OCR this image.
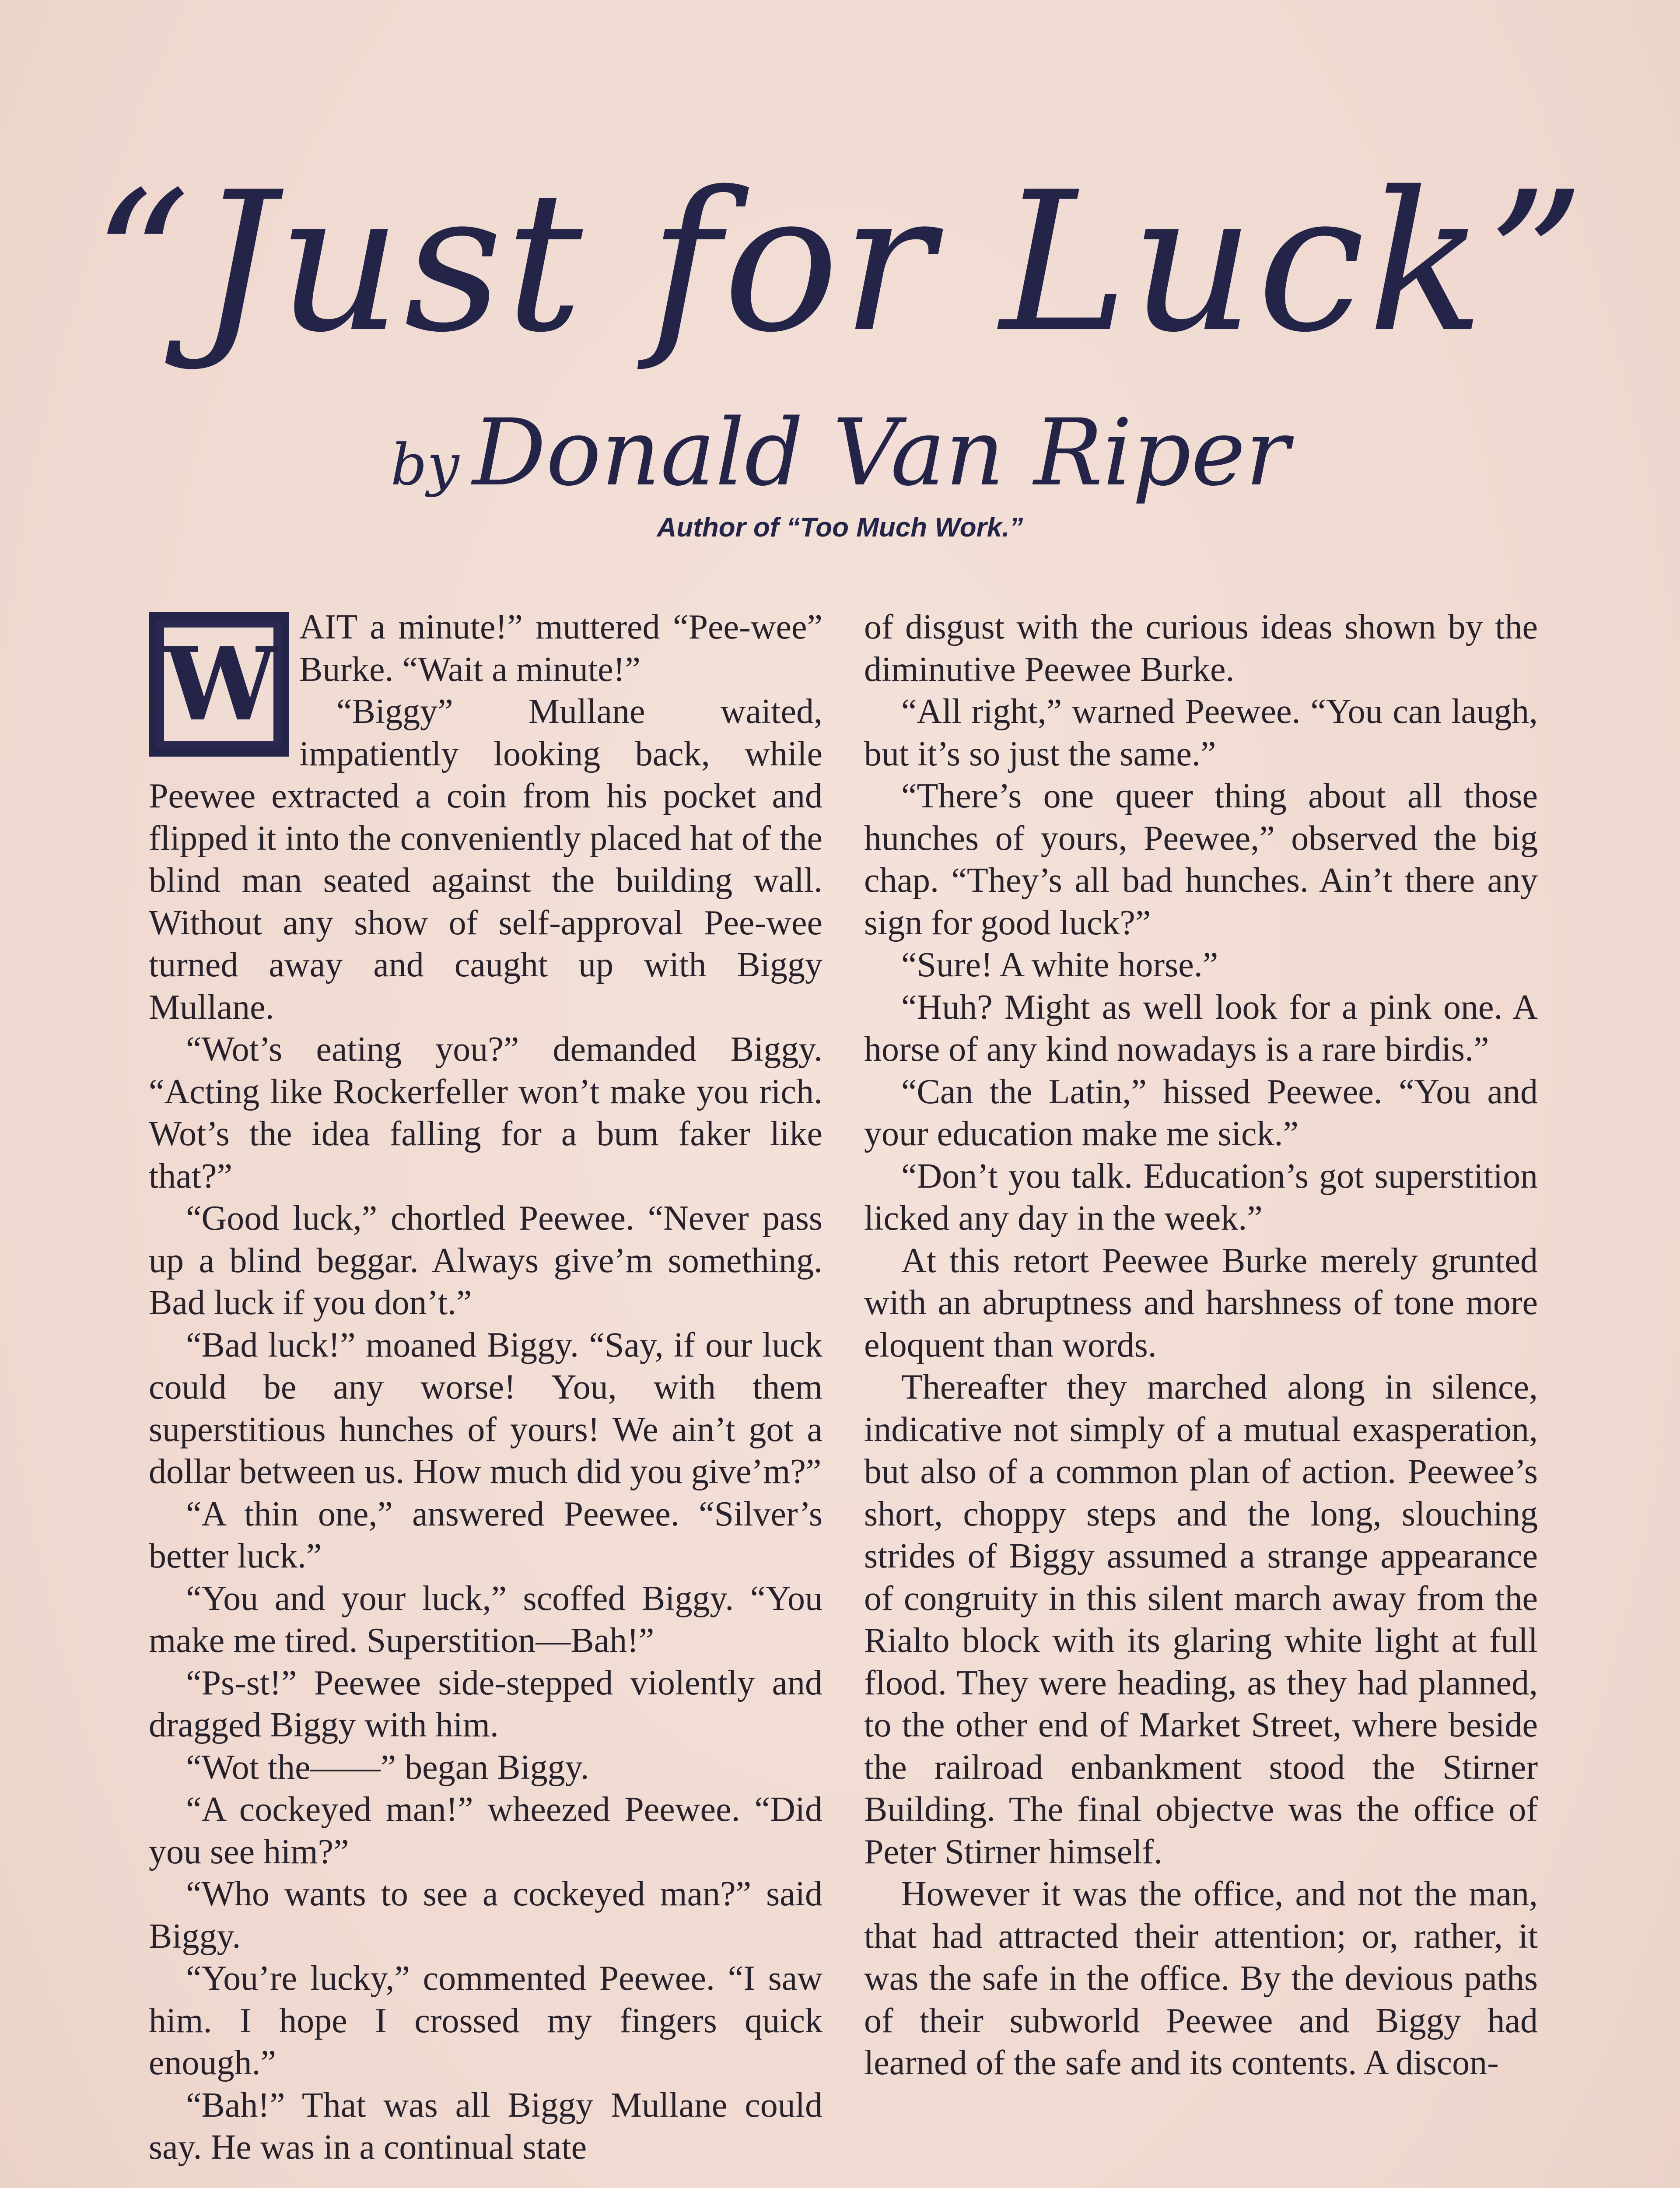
“Just for Luck”
by Donald Van Riper
Author of “Too Much Work.”
W AIT a minute!” muttered “Pee-wee” Burke. “Wait a minute!”

“Biggy” Mullane waited, impatiently looking back, while Peewee extracted a coin from his pocket and flipped it into the conveniently placed hat of the blind man seated against the building wall. Without any show of self-approval Pee-wee turned away and caught up with Biggy Mullane.

“Wot’s eating you?” demanded Biggy. “Acting like Rockerfeller won’t make you rich. Wot’s the idea falling for a bum faker like that?”

“Good luck,” chortled Peewee. “Never pass up a blind beggar. Always give’m something. Bad luck if you don’t.”

“Bad luck!” moaned Biggy. “Say, if our luck could be any worse! You, with them superstitious hunches of yours! We ain’t got a dollar between us. How much did you give’m?”

“A thin one,” answered Peewee. “Silver’s better luck.”

“You and your luck,” scoffed Biggy. “You make me tired. Superstition—Bah!”

“Ps-st!” Peewee side-stepped violently and dragged Biggy with him.

“Wot the——” began Biggy.

“A cockeyed man!” wheezed Peewee. “Did you see him?”

“Who wants to see a cockeyed man?” said Biggy.

“You’re lucky,” commented Peewee. “I saw him. I hope I crossed my fingers quick enough.”

“Bah!” That was all Biggy Mullane could say. He was in a continual state

of disgust with the curious ideas shown by the diminutive Peewee Burke.

“All right,” warned Peewee. “You can laugh, but it’s so just the same.”

“There’s one queer thing about all those hunches of yours, Peewee,” observed the big chap. “They’s all bad hunches. Ain’t there any sign for good luck?”

“Sure! A white horse.”

“Huh? Might as well look for a pink one. A horse of any kind nowadays is a rare birdis.”

“Can the Latin,” hissed Peewee. “You and your education make me sick.”

“Don’t you talk. Education’s got superstition licked any day in the week.”

At this retort Peewee Burke merely grunted with an abruptness and harshness of tone more eloquent than words.

Thereafter they marched along in silence, indicative not simply of a mutual exasperation, but also of a common plan of action. Peewee’s short, choppy steps and the long, slouching strides of Biggy assumed a strange appearance of congruity in this silent march away from the Rialto block with its glaring white light at full flood. They were heading, as they had planned, to the other end of Market Street, where beside the railroad enbankment stood the Stirner Building. The final objectve was the office of Peter Stirner himself.

However it was the office, and not the man, that had attracted their attention; or, rather, it was the safe in the office. By the devious paths of their subworld Peewee and Biggy had learned of the safe and its contents. A discon-
